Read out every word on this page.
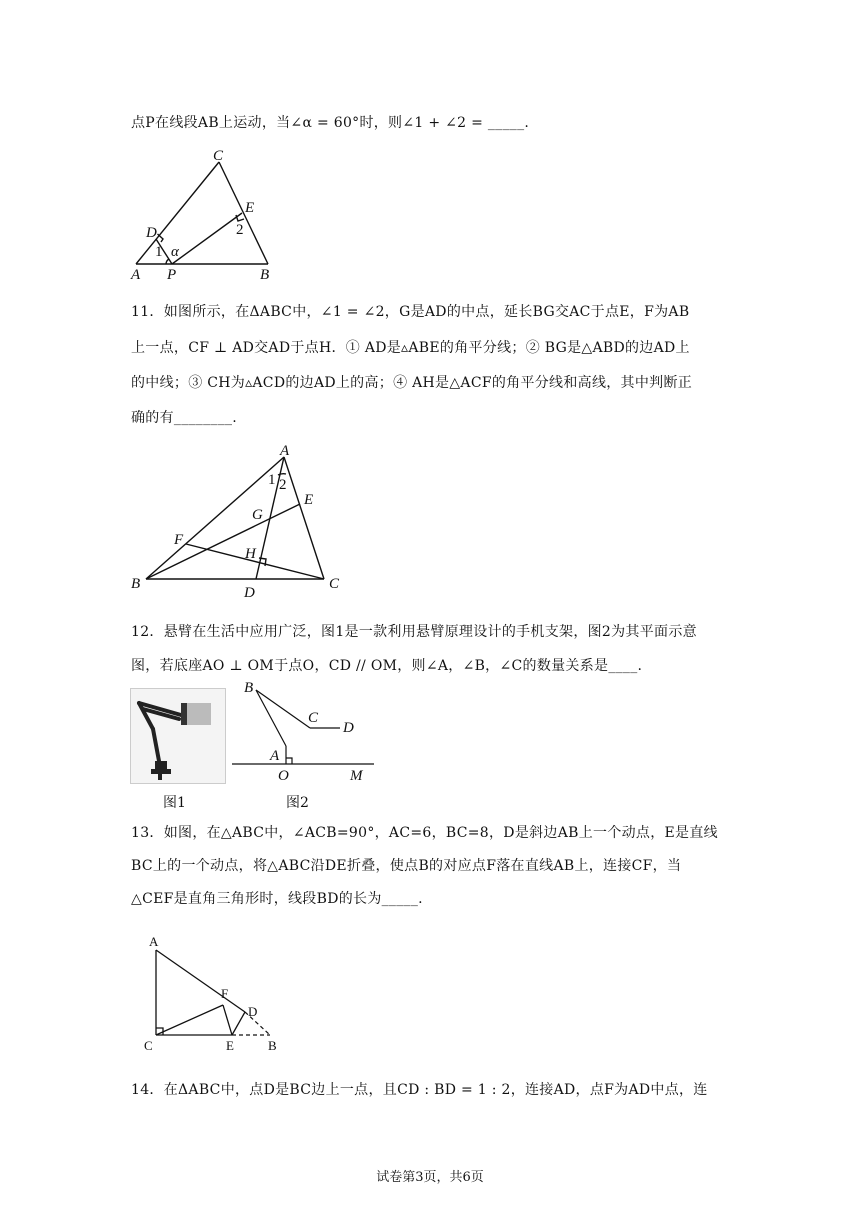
点P在线段AB上运动，当∠α = 60°时，则∠1 + ∠2 = _____.
C
D
E
1 α
2
A P	B
11．如图所示，在ΔABC中，∠1 = ∠2，G是AD的中点，延长BG交AC于点E，F为AB
上一点，CF ⊥ AD交AD于点H．① AD是▵ABE的角平分线；② BG是△ABD的边AD上
的中线；③ CH为▵ACD的边AD上的高；④ AH是△ACF的角平分线和高线，其中判断正
确的有________.
A
1 2
E
G
F
H
B	C
D
12．悬臂在生活中应用广泛，图1是一款利用悬臂原理设计的手机支架，图2为其平面示意
图，若底座AO ⊥ OM于点O，CD // OM，则∠A，∠B，∠C的数量关系是____.
图1
B
C
D
A
O	M
图2
13．如图，在△ABC中，∠ACB=90°，AC=6，BC=8，D是斜边AB上一个动点，E是直线
BC上的一个动点，将△ABC沿DE折叠，使点B的对应点F落在直线AB上，连接CF，当
△CEF是直角三角形时，线段BD的长为_____.
A
F
D
C	E	B
14．在ΔABC中，点D是BC边上一点，且CD : BD = 1 : 2，连接AD，点F为AD中点，连
试卷第3页，共6页
